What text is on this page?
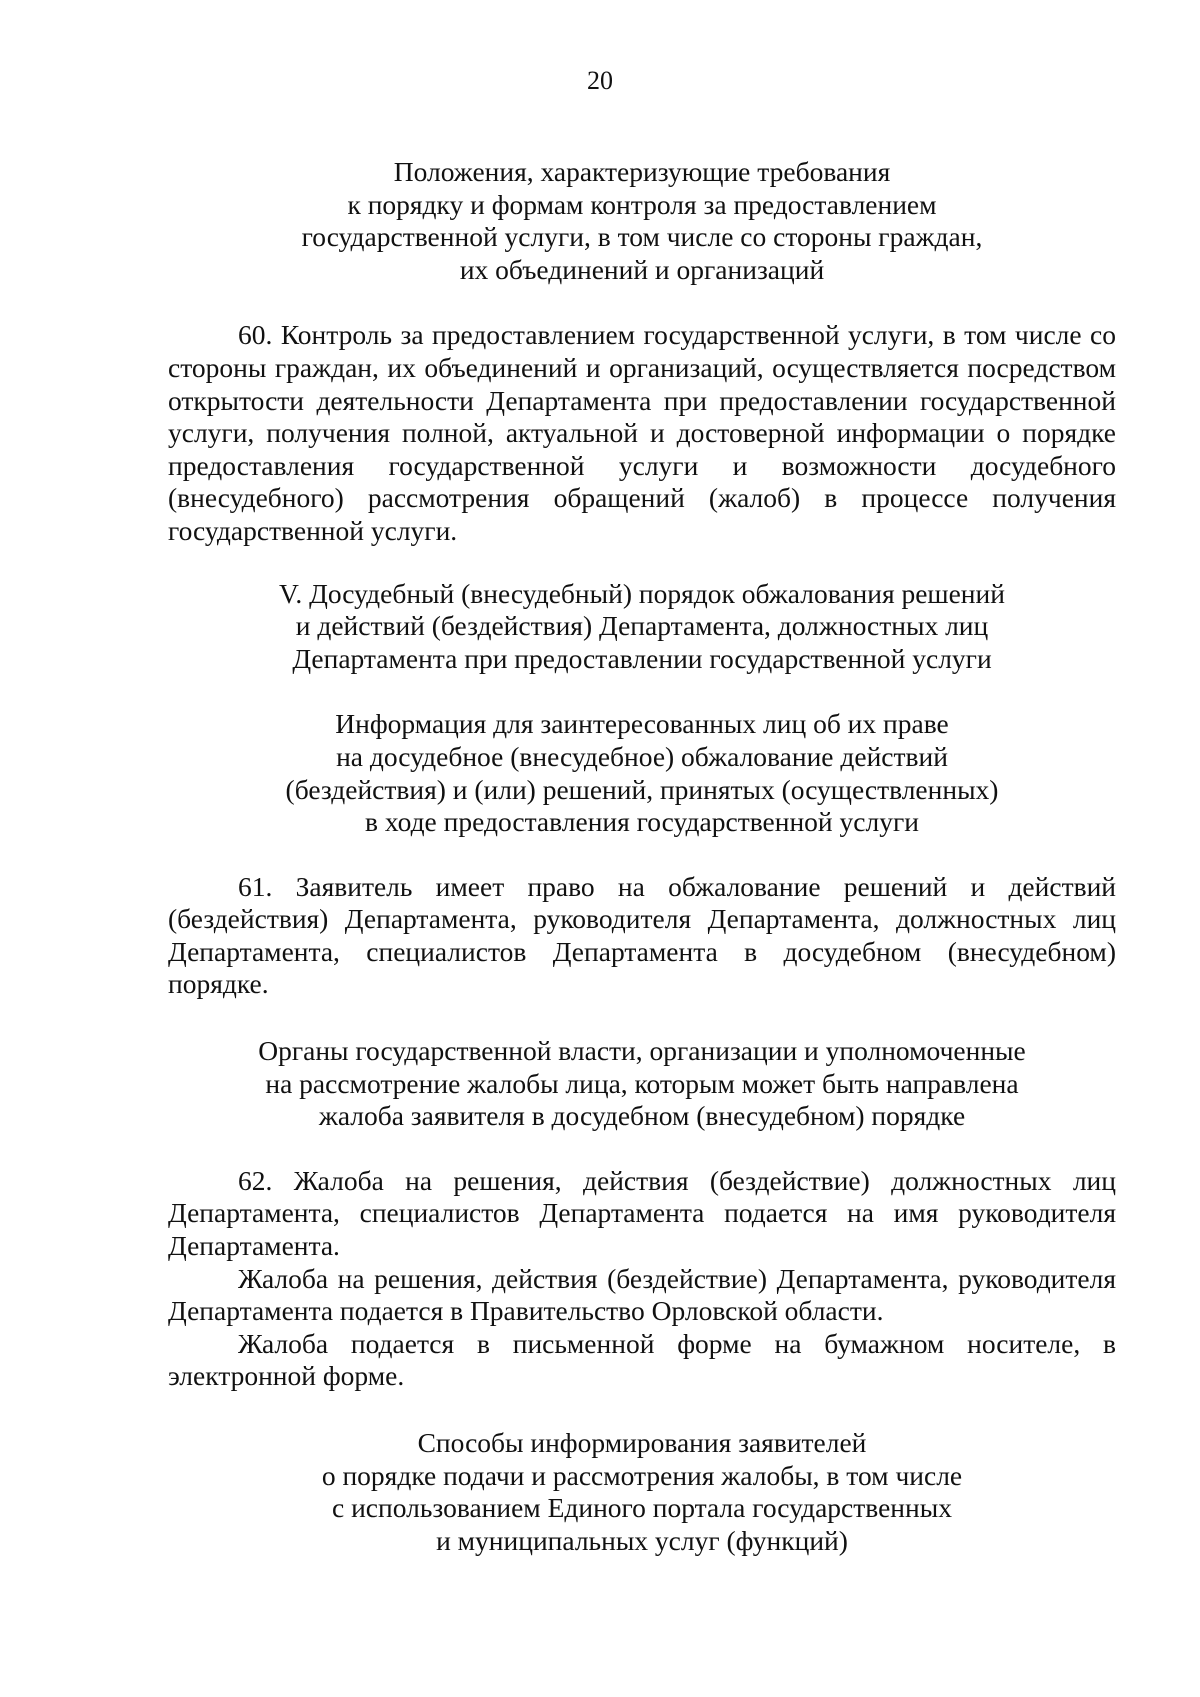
20
Положения, характеризующие требования
к порядку и формам контроля за предоставлением
государственной услуги, в том числе со стороны граждан,
их объединений и организаций

60. Контроль за предоставлением государственной услуги, в том числе со стороны граждан, их объединений и организаций, осуществляется посредством открытости деятельности Департамента при предоставлении государственной услуги, получения полной, актуальной и достоверной информации о порядке предоставления государственной услуги и возможности досудебного (внесудебного) рассмотрения обращений (жалоб) в процессе получения государственной услуги.

V. Досудебный (внесудебный) порядок обжалования решений
и действий (бездействия) Департамента, должностных лиц
Департамента при предоставлении государственной услуги
Информация для заинтересованных лиц об их праве
на досудебное (внесудебное) обжалование действий
(бездействия) и (или) решений, принятых (осуществленных)
в ходе предоставления государственной услуги

61. Заявитель имеет право на обжалование решений и действий (бездействия) Департамента, руководителя Департамента, должностных лиц Департамента, специалистов Департамента в досудебном (внесудебном) порядке.

Органы государственной власти, организации и уполномоченные
на рассмотрение жалобы лица, которым может быть направлена
жалоба заявителя в досудебном (внесудебном) порядке

62. Жалоба на решения, действия (бездействие) должностных лиц Департамента, специалистов Департамента подается на имя руководителя Департамента.

Жалоба на решения, действия (бездействие) Департамента, руководителя Департамента подается в Правительство Орловской области.

Жалоба подается в письменной форме на бумажном носителе, в электронной форме.

Способы информирования заявителей
о порядке подачи и рассмотрения жалобы, в том числе
с использованием Единого портала государственных
и муниципальных услуг (функций)
